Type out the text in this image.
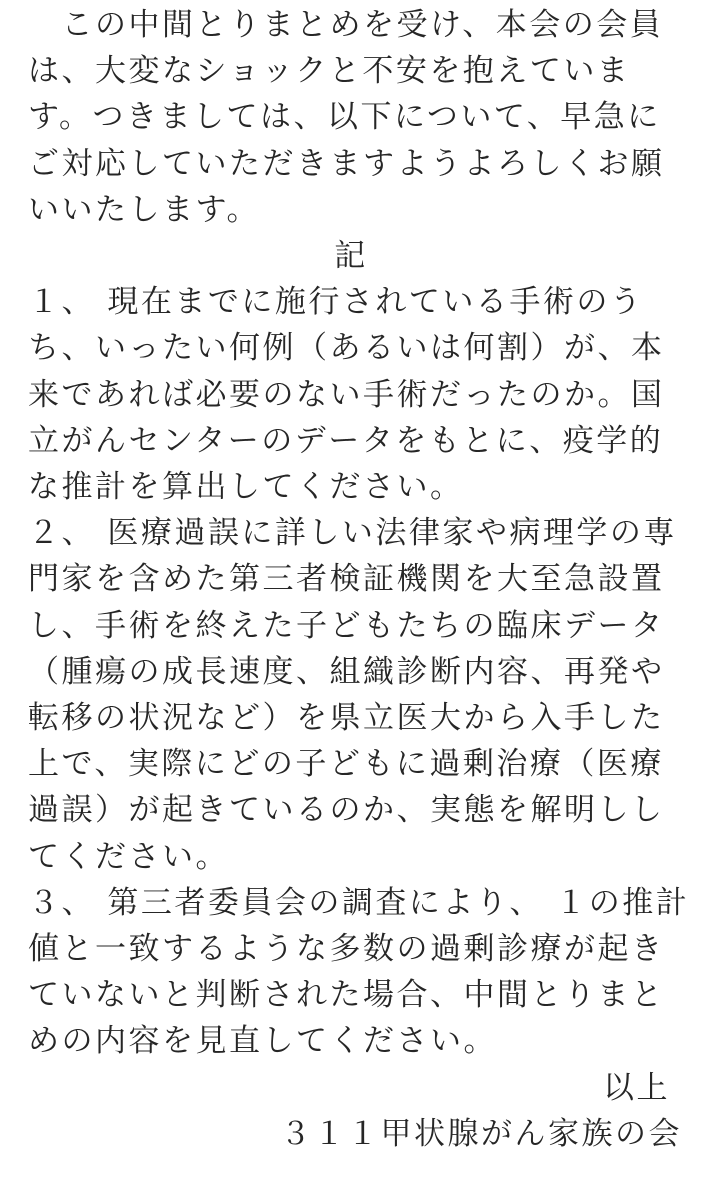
　この中間とりまとめを受け、本会の会員
は、大変なショックと不安を抱えていま
す。つきましては、以下について、早急に
ご対応していただきますようよろしくお願
いいたします。
記
１、 現在までに施行されている手術のう
ち、いったい何例（あるいは何割）が、本
来であれば必要のない手術だったのか。国
立がんセンターのデータをもとに、疫学的
な推計を算出してください。
２、 医療過誤に詳しい法律家や病理学の専
門家を含めた第三者検証機関を大至急設置
し、手術を終えた子どもたちの臨床データ
（腫瘍の成長速度、組織診断内容、再発や
転移の状況など）を県立医大から入手した
上で、実際にどの子どもに過剰治療（医療
過誤）が起きているのか、実態を解明しし
てください。
３、 第三者委員会の調査により、 １の推計
値と一致するような多数の過剰診療が起き
ていないと判断された場合、中間とりまと
めの内容を見直してください。
以上
３１１甲状腺がん家族の会
